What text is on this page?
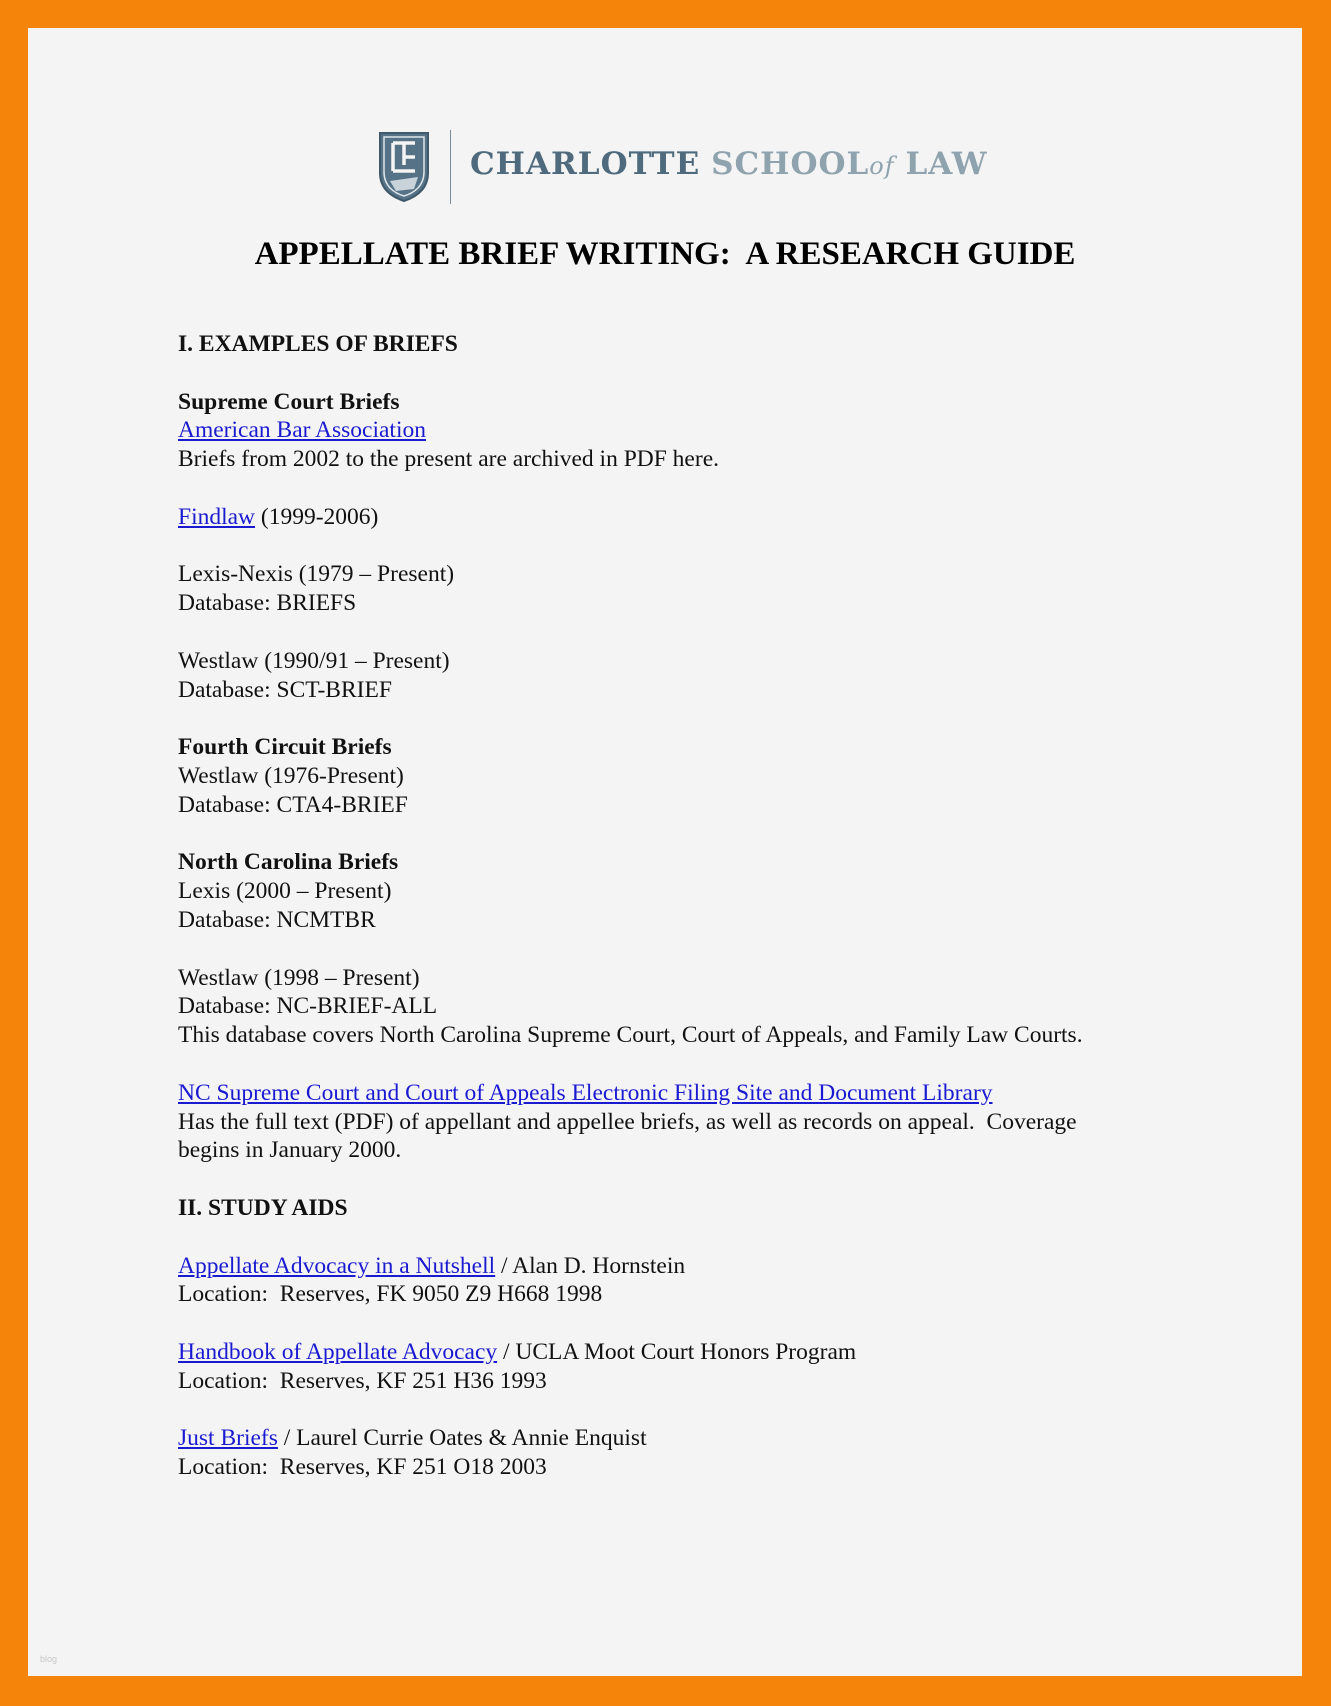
CHARLOTTE SCHOOLof LAW
APPELLATE BRIEF WRITING:  A RESEARCH GUIDE
I. EXAMPLES OF BRIEFS
Supreme Court Briefs
American Bar Association
Briefs from 2002 to the present are archived in PDF here.
Findlaw (1999-2006)
Lexis-Nexis (1979 – Present)
Database: BRIEFS
Westlaw (1990/91 – Present)
Database: SCT-BRIEF
Fourth Circuit Briefs
Westlaw (1976-Present)
Database: CTA4-BRIEF
North Carolina Briefs
Lexis (2000 – Present)
Database: NCMTBR
Westlaw (1998 – Present)
Database: NC-BRIEF-ALL
This database covers North Carolina Supreme Court, Court of Appeals, and Family Law Courts.
NC Supreme Court and Court of Appeals Electronic Filing Site and Document Library
Has the full text (PDF) of appellant and appellee briefs, as well as records on appeal.  Coverage
begins in January 2000.
II. STUDY AIDS
Appellate Advocacy in a Nutshell / Alan D. Hornstein
Location:  Reserves, FK 9050 Z9 H668 1998
Handbook of Appellate Advocacy / UCLA Moot Court Honors Program
Location:  Reserves, KF 251 H36 1993
Just Briefs / Laurel Currie Oates & Annie Enquist
Location:  Reserves, KF 251 O18 2003
blog
